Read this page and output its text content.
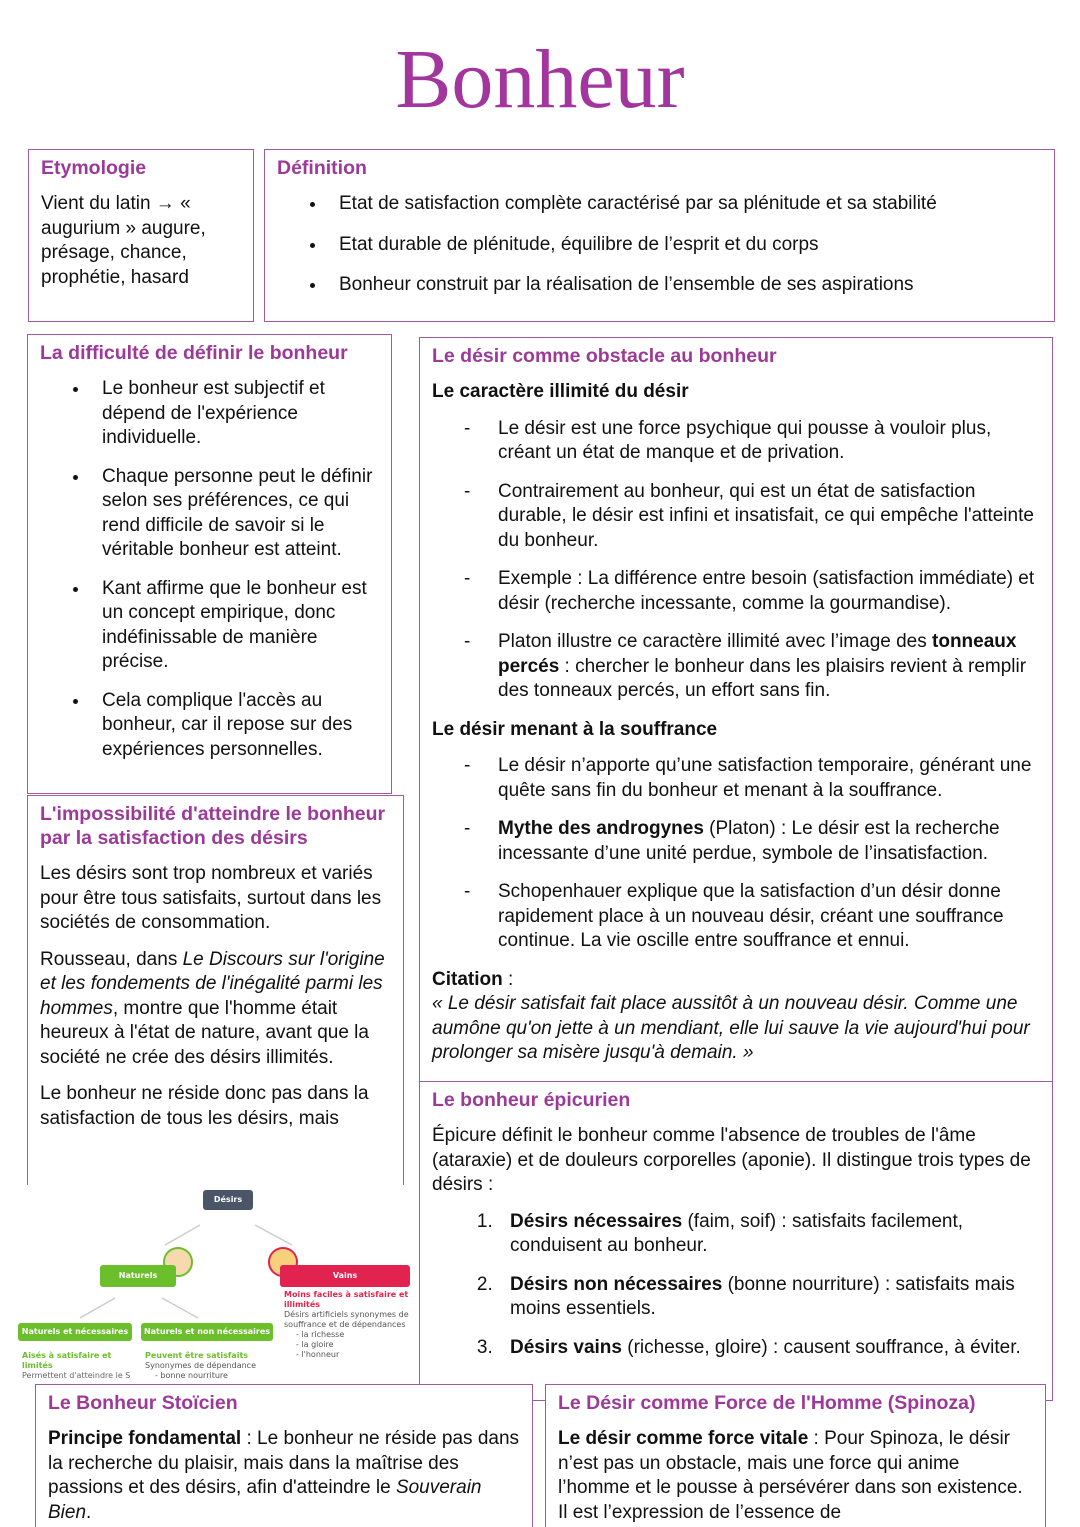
Bonheur
Etymologie

Vient du latin → « augurium » augure, présage, chance, prophétie, hasard

Définition
• Etat de satisfaction complète caractérisé par sa plénitude et sa stabilité
• Etat durable de plénitude, équilibre de l’esprit et du corps
• Bonheur construit par la réalisation de l’ensemble de ses aspirations
La difficulté de définir le bonheur
• Le bonheur est subjectif et dépend de l'expérience individuelle.
• Chaque personne peut le définir selon ses préférences, ce qui rend difficile de savoir si le véritable bonheur est atteint.
• Kant affirme que le bonheur est un concept empirique, donc indéfinissable de manière précise.
• Cela complique l'accès au bonheur, car il repose sur des expériences personnelles.
L'impossibilité d'atteindre le bonheur par la satisfaction des désirs

Les désirs sont trop nombreux et variés pour être tous satisfaits, surtout dans les sociétés de consommation.

Rousseau, dans Le Discours sur l'origine et les fondements de l'inégalité parmi les hommes, montre que l'homme était heureux à l'état de nature, avant que la société ne crée des désirs illimités.

Le bonheur ne réside donc pas dans la satisfaction de tous les désirs, mais

Le désir comme obstacle au bonheur
Le caractère illimité du désir
- Le désir est une force psychique qui pousse à vouloir plus, créant un état de manque et de privation.
- Contrairement au bonheur, qui est un état de satisfaction durable, le désir est infini et insatisfait, ce qui empêche l'atteinte du bonheur.
- Exemple : La différence entre besoin (satisfaction immédiate) et désir (recherche incessante, comme la gourmandise).
- Platon illustre ce caractère illimité avec l’image des tonneaux percés : chercher le bonheur dans les plaisirs revient à remplir des tonneaux percés, un effort sans fin.
Le désir menant à la souffrance
- Le désir n’apporte qu’une satisfaction temporaire, générant une quête sans fin du bonheur et menant à la souffrance.
- Mythe des androgynes (Platon) : Le désir est la recherche incessante d’une unité perdue, symbole de l’insatisfaction.
- Schopenhauer explique que la satisfaction d’un désir donne rapidement place à un nouveau désir, créant une souffrance continue. La vie oscille entre souffrance et ennui.
Citation :
« Le désir satisfait fait place aussitôt à un nouveau désir. Comme une aumône qu'on jette à un mendiant, elle lui sauve la vie aujourd'hui pour prolonger sa misère jusqu'à demain. »
Désirs
Naturels	Vains
Naturels et nécessaires	Naturels et non nécessaires
Aisés à satisfaire et limités
Permettent d'atteindre le S
Peuvent être satisfaits
Synonymes de dépendance
- bonne nourriture
Moins faciles à satisfaire et illimités
Désirs artificiels synonymes de souffrance et de dépendances
- la richesse
- la gloire
- l'honneur
Le bonheur épicurien

Épicure définit le bonheur comme l'absence de troubles de l'âme (ataraxie) et de douleurs corporelles (aponie). Il distingue trois types de désirs :

1. Désirs nécessaires (faim, soif) : satisfaits facilement, conduisent au bonheur.
2. Désirs non nécessaires (bonne nourriture) : satisfaits mais moins essentiels.
3. Désirs vains (richesse, gloire) : causent souffrance, à éviter.
Le Bonheur Stoïcien

Principe fondamental : Le bonheur ne réside pas dans la recherche du plaisir, mais dans la maîtrise des passions et des désirs, afin d'atteindre le Souverain Bien.

Le Désir comme Force de l'Homme (Spinoza)

Le désir comme force vitale : Pour Spinoza, le désir n’est pas un obstacle, mais une force qui anime l’homme et le pousse à persévérer dans son existence. Il est l’expression de l’essence de
